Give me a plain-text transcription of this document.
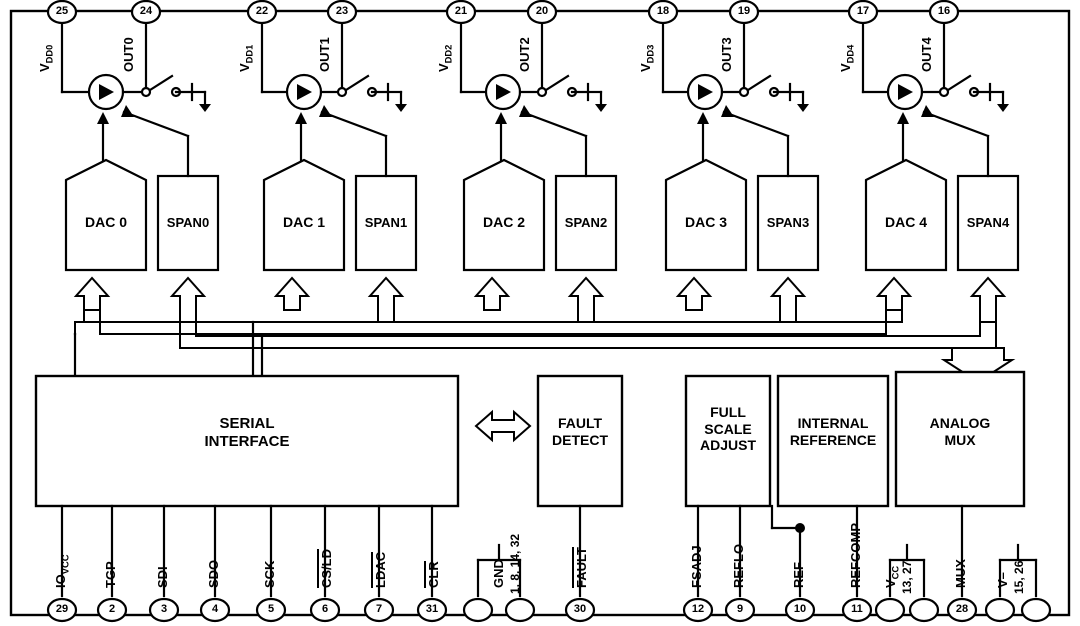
25	24	22	23	21	20	18	19	17	16
$V_{DD0}$	OUT0	$V_{DD1}$	OUT1	$V_{DD2}$	OUT2	$V_{DD3}$	OUT3	$V_{DD4}$	OUT4
DAC 0	DAC 1	DAC 2	DAC 3	DAC 4
SPAN0	SPAN1	SPAN2	SPAN3	SPAN4
SERIAL
INTERFACE
FAULT
DETECT
FULL
SCALE
ADJUST
INTERNAL
REFERENCE
ANALOG
MUX
$IO_{VCC}$ TGP	SDI	SDO	SCK	CS/LD	LDAC	CLR	GND 1, 8, 14, 32	FAULT	FSADJ REFLO	REF	REFCOMP $V_{CC}$ 13, 27	MUX V– 15, 26
29	2	3	4	5	6	7	31	30	12	9	10	11	28
